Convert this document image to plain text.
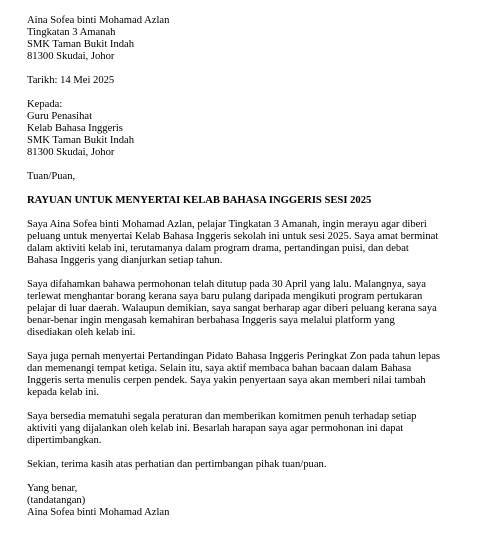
Aina Sofea binti Mohamad Azlan
Tingkatan 3 Amanah
SMK Taman Bukit Indah
81300 Skudai, Johor
Tarikh: 14 Mei 2025
Kepada:
Guru Penasihat
Kelab Bahasa Inggeris
SMK Taman Bukit Indah
81300 Skudai, Johor
Tuan/Puan,
RAYUAN UNTUK MENYERTAI KELAB BAHASA INGGERIS SESI 2025
Saya Aina Sofea binti Mohamad Azlan, pelajar Tingkatan 3 Amanah, ingin merayu agar diberi
peluang untuk menyertai Kelab Bahasa Inggeris sekolah ini untuk sesi 2025. Saya amat berminat
dalam aktiviti kelab ini, terutamanya dalam program drama, pertandingan puisi, dan debat
Bahasa Inggeris yang dianjurkan setiap tahun.
Saya difahamkan bahawa permohonan telah ditutup pada 30 April yang lalu. Malangnya, saya
terlewat menghantar borang kerana saya baru pulang daripada mengikuti program pertukaran
pelajar di luar daerah. Walaupun demikian, saya sangat berharap agar diberi peluang kerana saya
benar-benar ingin mengasah kemahiran berbahasa Inggeris saya melalui platform yang
disediakan oleh kelab ini.
Saya juga pernah menyertai Pertandingan Pidato Bahasa Inggeris Peringkat Zon pada tahun lepas
dan memenangi tempat ketiga. Selain itu, saya aktif membaca bahan bacaan dalam Bahasa
Inggeris serta menulis cerpen pendek. Saya yakin penyertaan saya akan memberi nilai tambah
kepada kelab ini.
Saya bersedia mematuhi segala peraturan dan memberikan komitmen penuh terhadap setiap
aktiviti yang dijalankan oleh kelab ini. Besarlah harapan saya agar permohonan ini dapat
dipertimbangkan.
Sekian, terima kasih atas perhatian dan pertimbangan pihak tuan/puan.
Yang benar,
(tandatangan)
Aina Sofea binti Mohamad Azlan
